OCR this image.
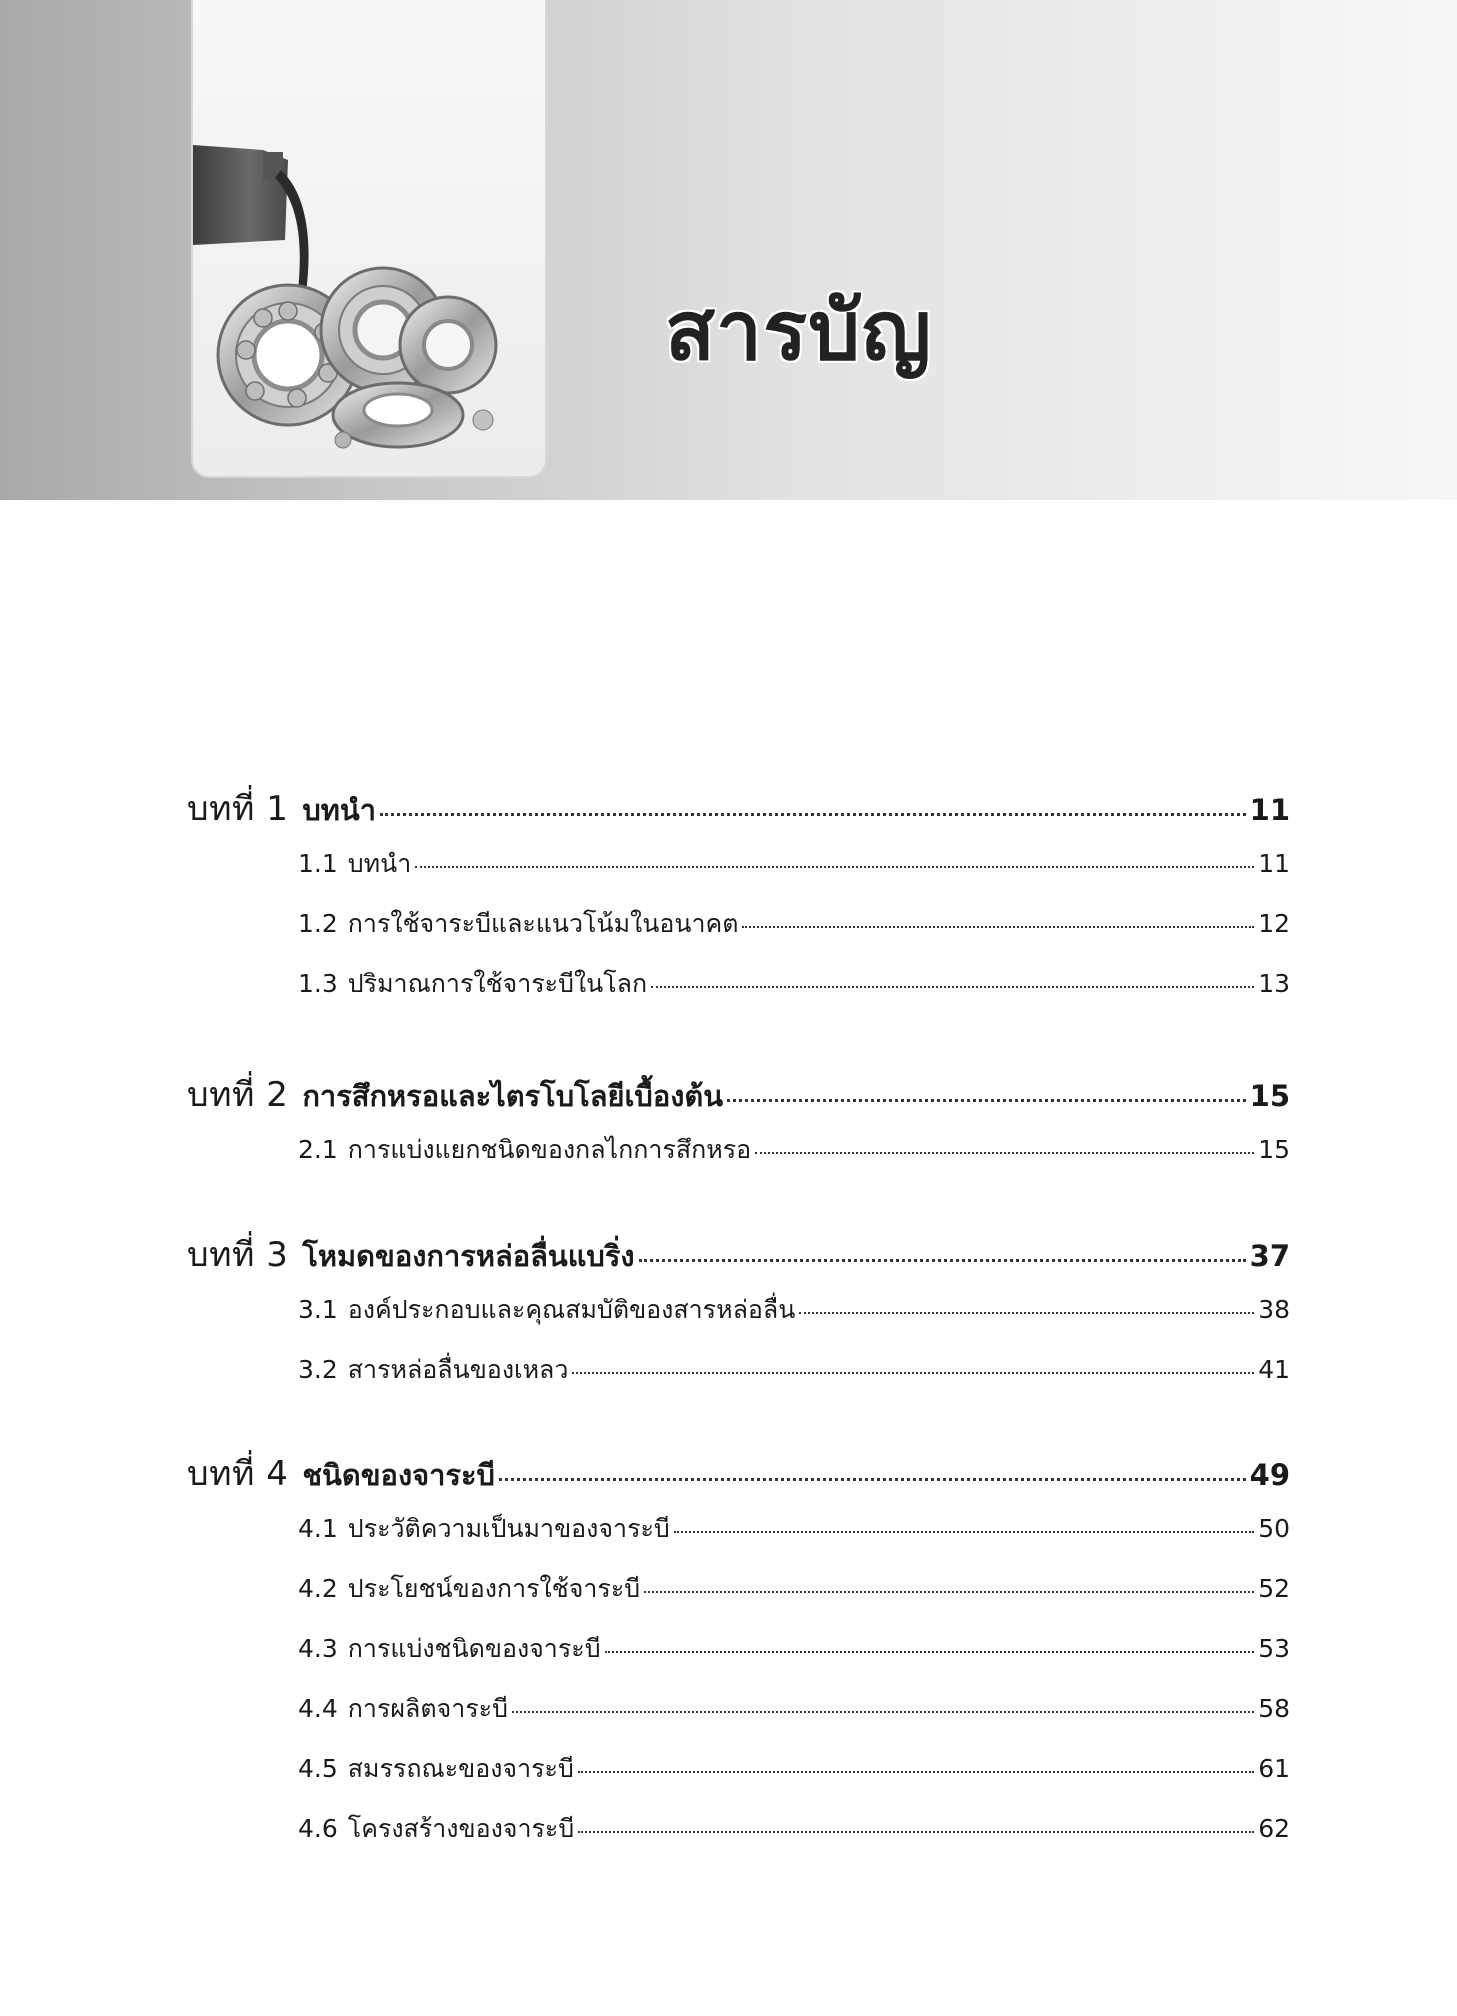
สารบัญ
บทที่ 1 บทนำ	11
1.1 บทนำ	11
1.2 การใช้จาระบีและแนวโน้มในอนาคต	12
1.3 ปริมาณการใช้จาระบีในโลก	13
บทที่ 2 การสึกหรอและไตรโบโลยีเบื้องต้น	15
2.1 การแบ่งแยกชนิดของกลไกการสึกหรอ	15
บทที่ 3 โหมดของการหล่อลื่นแบริ่ง	37
3.1 องค์ประกอบและคุณสมบัติของสารหล่อลื่น	38
3.2 สารหล่อลื่นของเหลว	41
บทที่ 4 ชนิดของจาระบี	49
4.1 ประวัติความเป็นมาของจาระบี	50
4.2 ประโยชน์ของการใช้จาระบี	52
4.3 การแบ่งชนิดของจาระบี	53
4.4 การผลิตจาระบี	58
4.5 สมรรถณะของจาระบี	61
4.6 โครงสร้างของจาระบี	62
